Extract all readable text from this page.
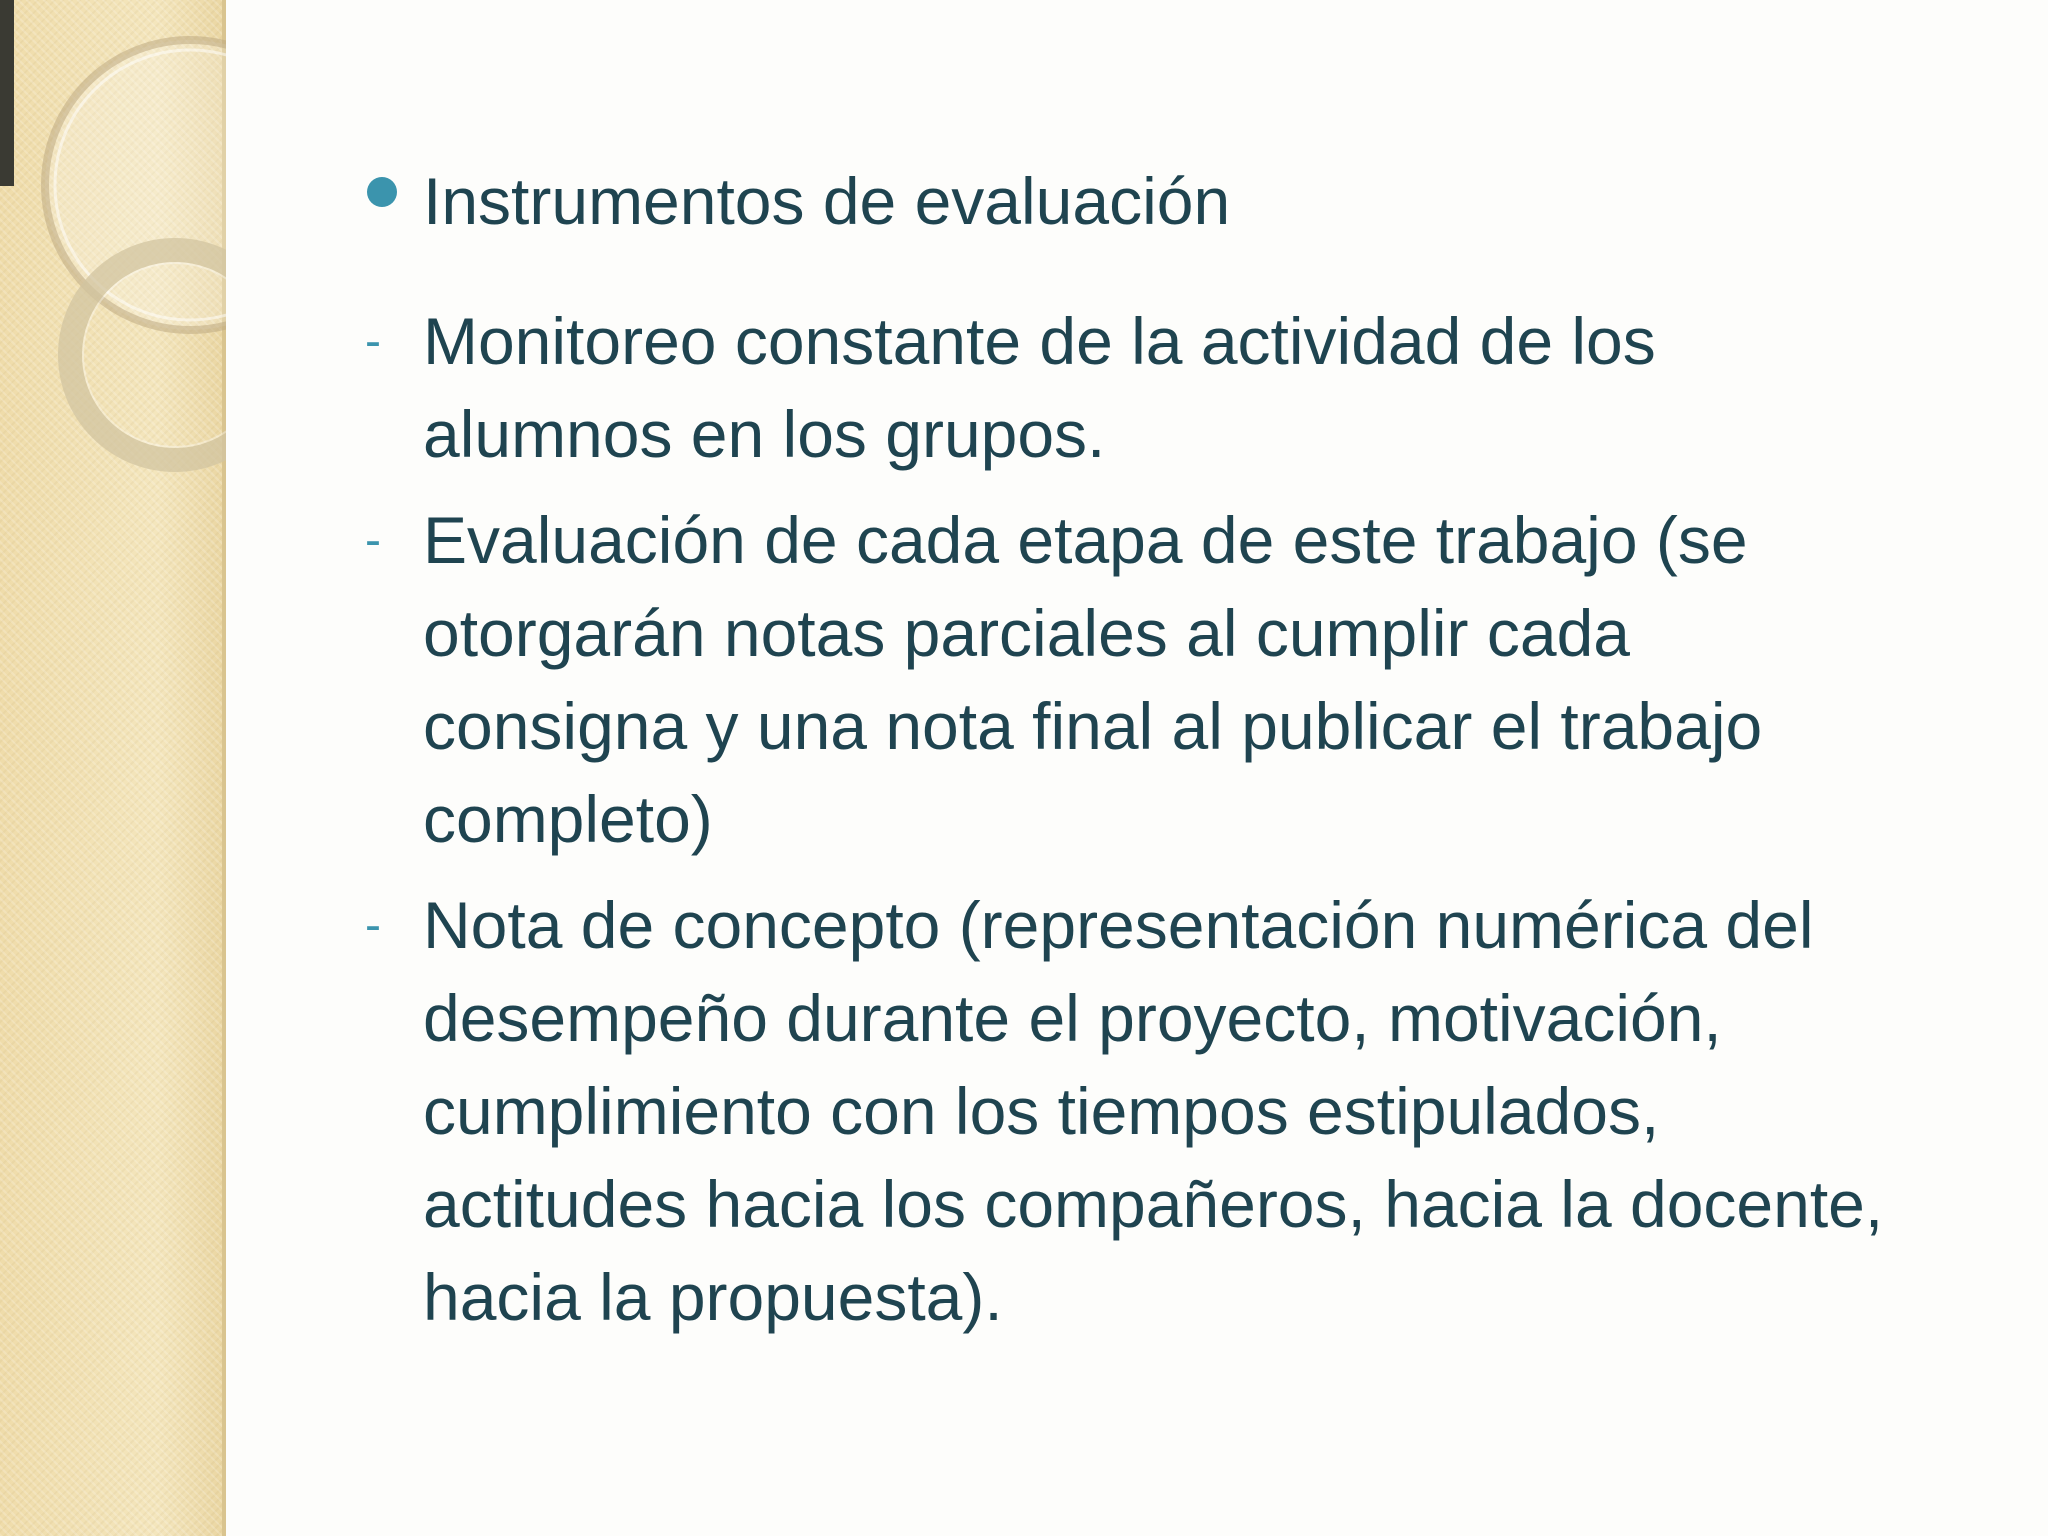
Instrumentos de evaluación
- Monitoreo constante de la actividad de los
alumnos en los grupos.
- Evaluación de cada etapa de este trabajo (se
otorgarán notas parciales al cumplir cada
consigna y una nota final al publicar el trabajo
completo)
- Nota de concepto (representación numérica del
desempeño durante el proyecto, motivación,
cumplimiento con los tiempos estipulados,
actitudes hacia los compañeros, hacia la docente,
hacia la propuesta).
